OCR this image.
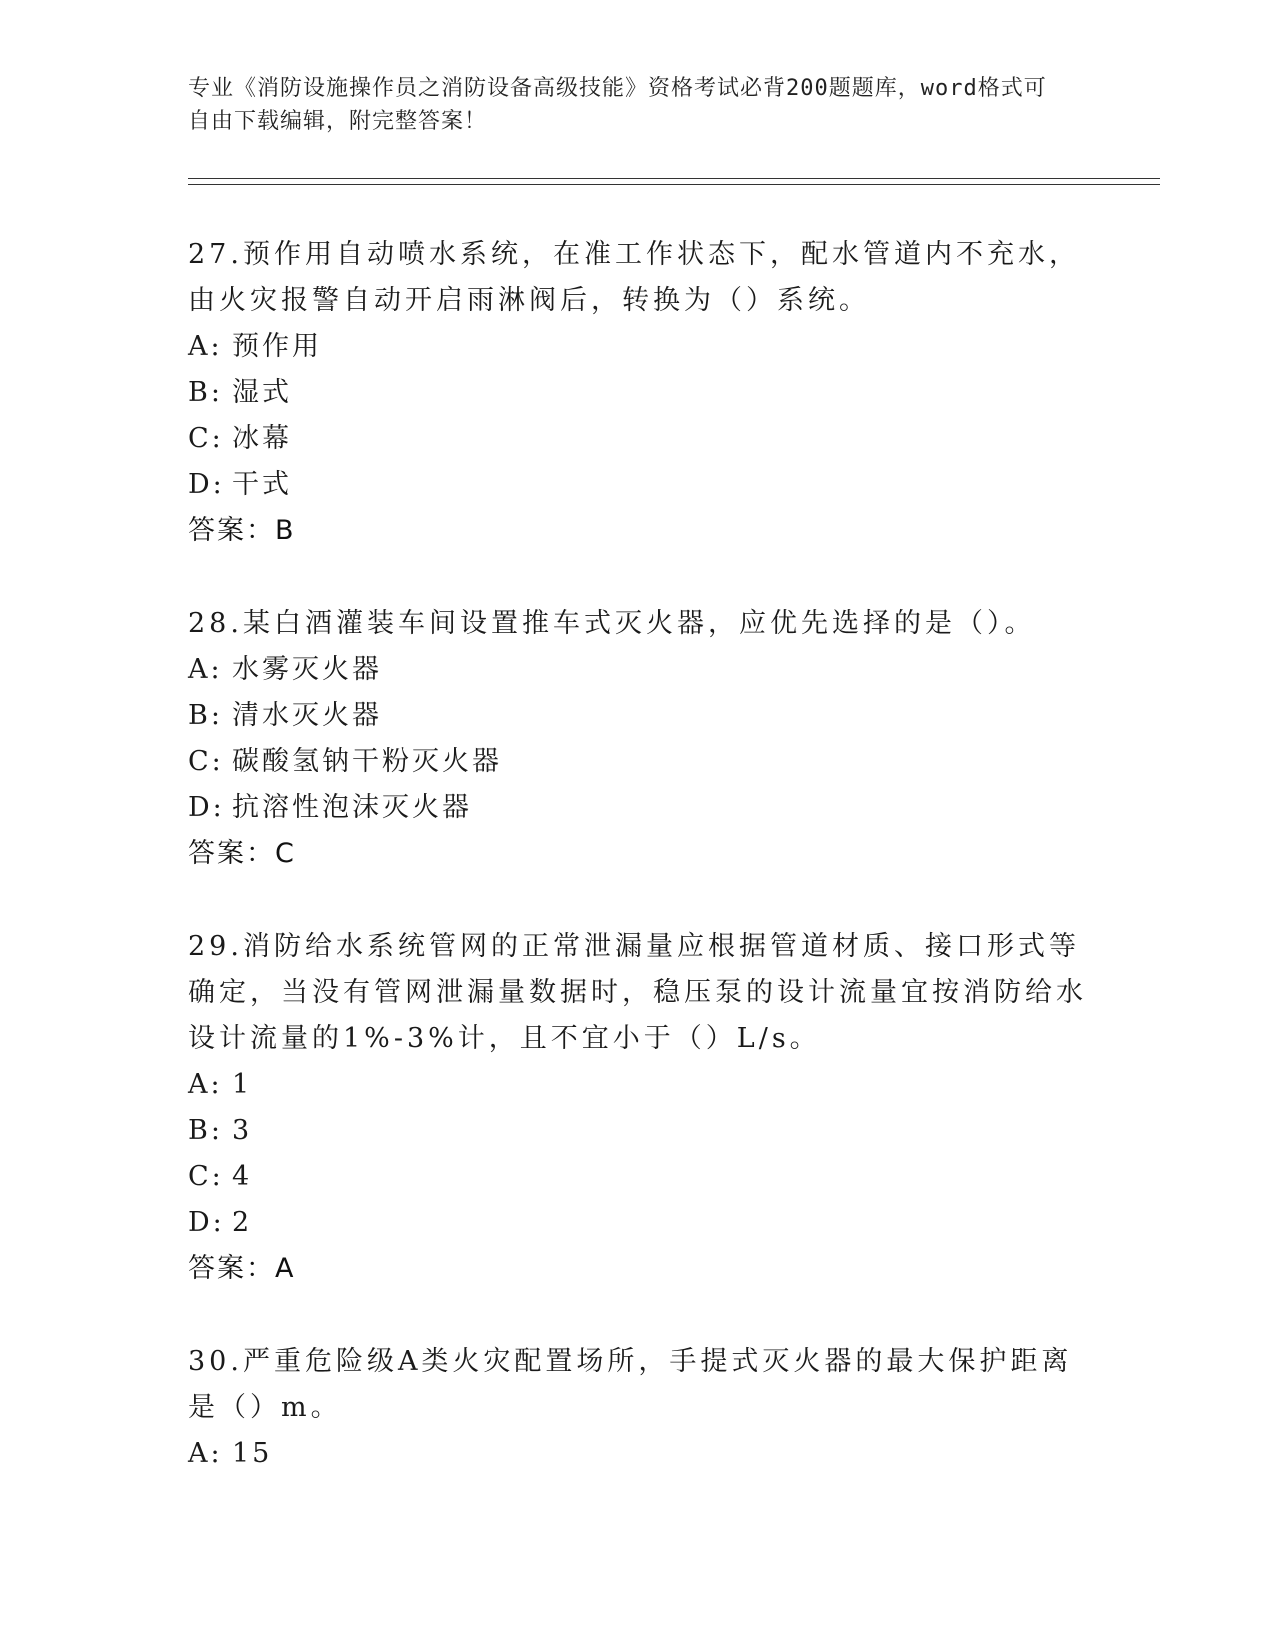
专业《消防设施操作员之消防设备高级技能》资格考试必背200题题库，word格式可自由下载编辑，附完整答案！
27.预作用自动喷水系统，在准工作状态下，配水管道内不充水，由火灾报警自动开启雨淋阀后，转换为（）系统。
A: 预作用
B: 湿式
C: 冰幕
D: 干式
答案：B
28.某白酒灌装车间设置推车式灭火器，应优先选择的是（）。
A: 水雾灭火器
B: 清水灭火器
C: 碳酸氢钠干粉灭火器
D: 抗溶性泡沫灭火器
答案：C
29.消防给水系统管网的正常泄漏量应根据管道材质、接口形式等确定，当没有管网泄漏量数据时，稳压泵的设计流量宜按消防给水设计流量的1%-3%计，且不宜小于（）L/s。
A: 1
B: 3
C: 4
D: 2
答案：A
30.严重危险级A类火灾配置场所，手提式灭火器的最大保护距离是（）m。
A: 15
